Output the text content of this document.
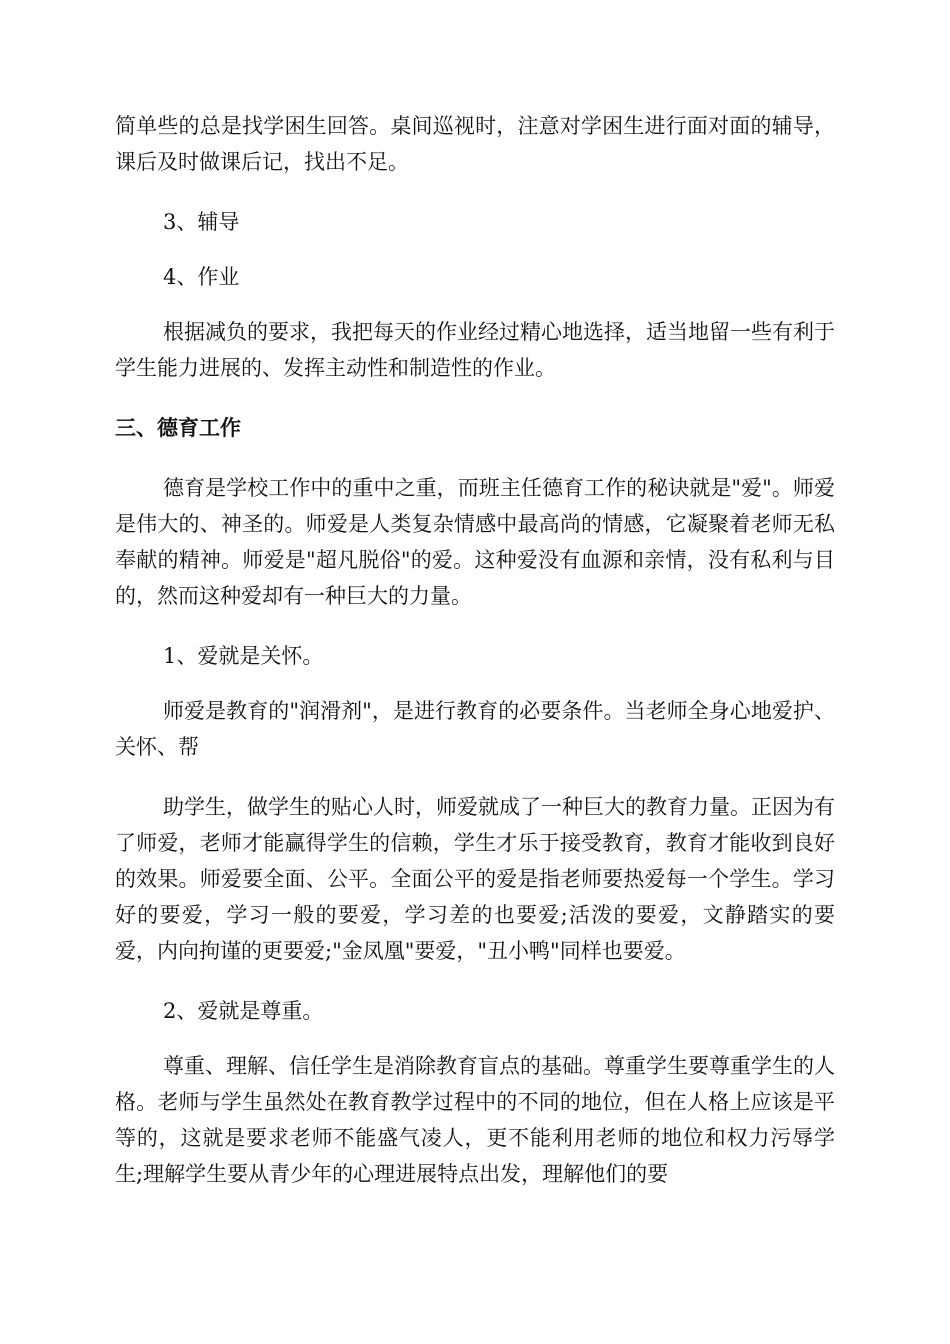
简单些的总是找学困生回答。桌间巡视时，注意对学困生进行面对面的辅导，课后及时做课后记，找出不足。

3、辅导

4、作业

根据减负的要求，我把每天的作业经过精心地选择，适当地留一些有利于学生能力进展的、发挥主动性和制造性的作业。

三、德育工作

德育是学校工作中的重中之重，而班主任德育工作的秘诀就是"爱"。师爱是伟大的、神圣的。师爱是人类复杂情感中最高尚的情感，它凝聚着老师无私奉献的精神。师爱是"超凡脱俗"的爱。这种爱没有血源和亲情，没有私利与目的，然而这种爱却有一种巨大的力量。

1、爱就是关怀。

师爱是教育的"润滑剂"，是进行教育的必要条件。当老师全身心地爱护、关怀、帮

助学生，做学生的贴心人时，师爱就成了一种巨大的教育力量。正因为有了师爱，老师才能赢得学生的信赖，学生才乐于接受教育，教育才能收到良好的效果。师爱要全面、公平。全面公平的爱是指老师要热爱每一个学生。学习好的要爱，学习一般的要爱，学习差的也要爱;活泼的要爱，文静踏实的要爱，内向拘谨的更要爱;"金凤凰"要爱，"丑小鸭"同样也要爱。

2、爱就是尊重。

尊重、理解、信任学生是消除教育盲点的基础。尊重学生要尊重学生的人格。老师与学生虽然处在教育教学过程中的不同的地位，但在人格上应该是平等的，这就是要求老师不能盛气凌人，更不能利用老师的地位和权力污辱学生;理解学生要从青少年的心理进展特点出发，理解他们的要
